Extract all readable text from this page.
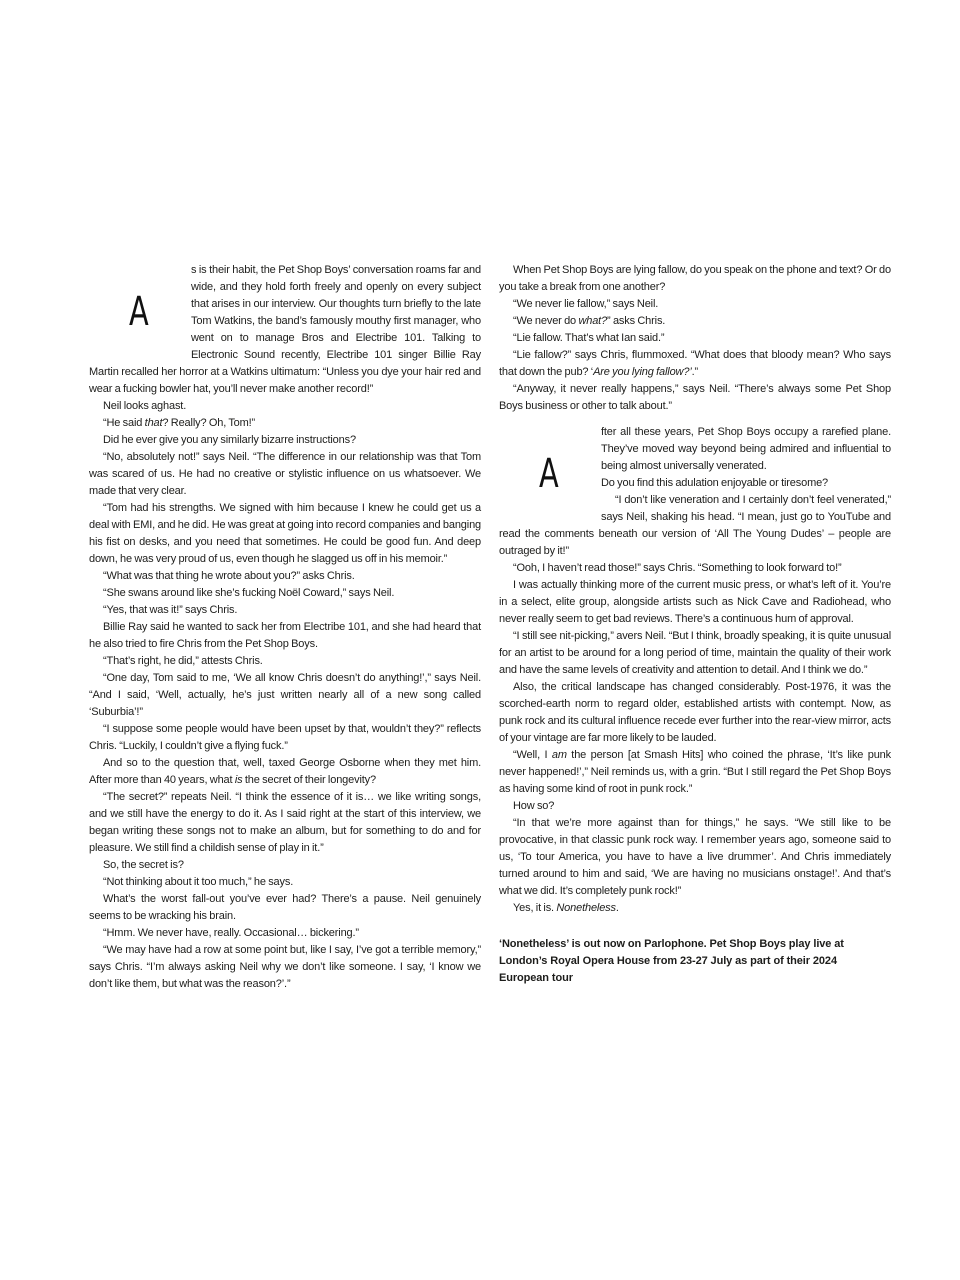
A

s is their habit, the Pet Shop Boys’ conversation roams far and wide, and they hold forth freely and openly on every subject that arises in our interview. Our thoughts turn briefly to the late Tom Watkins, the band’s famously mouthy first manager, who went on to manage Bros and Electribe 101. Talking to Electronic Sound recently, Electribe 101 singer Billie Ray Martin recalled her horror at a Watkins ultimatum: “Unless you dye your hair red and wear a fucking bowler hat, you’ll never make another record!”

Neil looks aghast.

“He said that? Really? Oh, Tom!”

Did he ever give you any similarly bizarre instructions?

“No, absolutely not!” says Neil. “The difference in our relationship was that Tom was scared of us. He had no creative or stylistic influence on us whatsoever. We made that very clear.

“Tom had his strengths. We signed with him because I knew he could get us a deal with EMI, and he did. He was great at going into record companies and banging his fist on desks, and you need that sometimes. He could be good fun. And deep down, he was very proud of us, even though he slagged us off in his memoir.”

“What was that thing he wrote about you?” asks Chris.

“She swans around like she’s fucking Noël Coward,” says Neil.

“Yes, that was it!” says Chris.

Billie Ray said he wanted to sack her from Electribe 101, and she had heard that he also tried to fire Chris from the Pet Shop Boys.

“That’s right, he did,” attests Chris.

“One day, Tom said to me, ‘We all know Chris doesn’t do anything!’,” says Neil. “And I said, ‘Well, actually, he’s just written nearly all of a new song called ‘Suburbia’!”

“I suppose some people would have been upset by that, wouldn’t they?” reflects Chris. “Luckily, I couldn’t give a flying fuck.”

And so to the question that, well, taxed George Osborne when they met him. After more than 40 years, what is the secret of their longevity?

“The secret?” repeats Neil. “I think the essence of it is… we like writing songs, and we still have the energy to do it. As I said right at the start of this interview, we began writing these songs not to make an album, but for something to do and for pleasure. We still find a childish sense of play in it.”

So, the secret is?

“Not thinking about it too much,” he says.

What’s the worst fall-out you’ve ever had? There’s a pause. Neil genuinely seems to be wracking his brain.

“Hmm. We never have, really. Occasional… bickering.”

“We may have had a row at some point but, like I say, I’ve got a terrible memory,” says Chris. “I’m always asking Neil why we don’t like someone. I say, ‘I know we don’t like them, but what was the reason?’.”

When Pet Shop Boys are lying fallow, do you speak on the phone and text? Or do you take a break from one another?

“We never lie fallow,” says Neil.

“We never do what?” asks Chris.

“Lie fallow. That’s what Ian said.”

“Lie fallow?” says Chris, flummoxed. “What does that bloody mean? Who says that down the pub? ‘Are you lying fallow?’.”

“Anyway, it never really happens,” says Neil. “There’s always some Pet Shop Boys business or other to talk about.”

A

fter all these years, Pet Shop Boys occupy a rarefied plane. They’ve moved way beyond being admired and influential to being almost universally venerated.

Do you find this adulation enjoyable or tiresome?

“I don’t like veneration and I certainly don’t feel venerated,” says Neil, shaking his head. “I mean, just go to YouTube and read the comments beneath our version of ‘All The Young Dudes’ – people are outraged by it!”

“Ooh, I haven’t read those!” says Chris. “Something to look forward to!”

I was actually thinking more of the current music press, or what’s left of it. You’re in a select, elite group, alongside artists such as Nick Cave and Radiohead, who never really seem to get bad reviews. There’s a continuous hum of approval.

“I still see nit-picking,” avers Neil. “But I think, broadly speaking, it is quite unusual for an artist to be around for a long period of time, maintain the quality of their work and have the same levels of creativity and attention to detail. And I think we do.”

Also, the critical landscape has changed considerably. Post-1976, it was the scorched-earth norm to regard older, established artists with contempt. Now, as punk rock and its cultural influence recede ever further into the rear-view mirror, acts of your vintage are far more likely to be lauded.

“Well, I am the person [at Smash Hits] who coined the phrase, ‘It’s like punk never happened!’,” Neil reminds us, with a grin. “But I still regard the Pet Shop Boys as having some kind of root in punk rock.”

How so?

“In that we’re more against than for things,” he says. “We still like to be provocative, in that classic punk rock way. I remember years ago, someone said to us, ‘To tour America, you have to have a live drummer’. And Chris immediately turned around to him and said, ‘We are having no musicians onstage!’. And that’s what we did. It’s completely punk rock!”

Yes, it is. Nonetheless.

‘Nonetheless’ is out now on Parlophone. Pet Shop Boys play live at London’s Royal Opera House from 23-27 July as part of their 2024 European tour
